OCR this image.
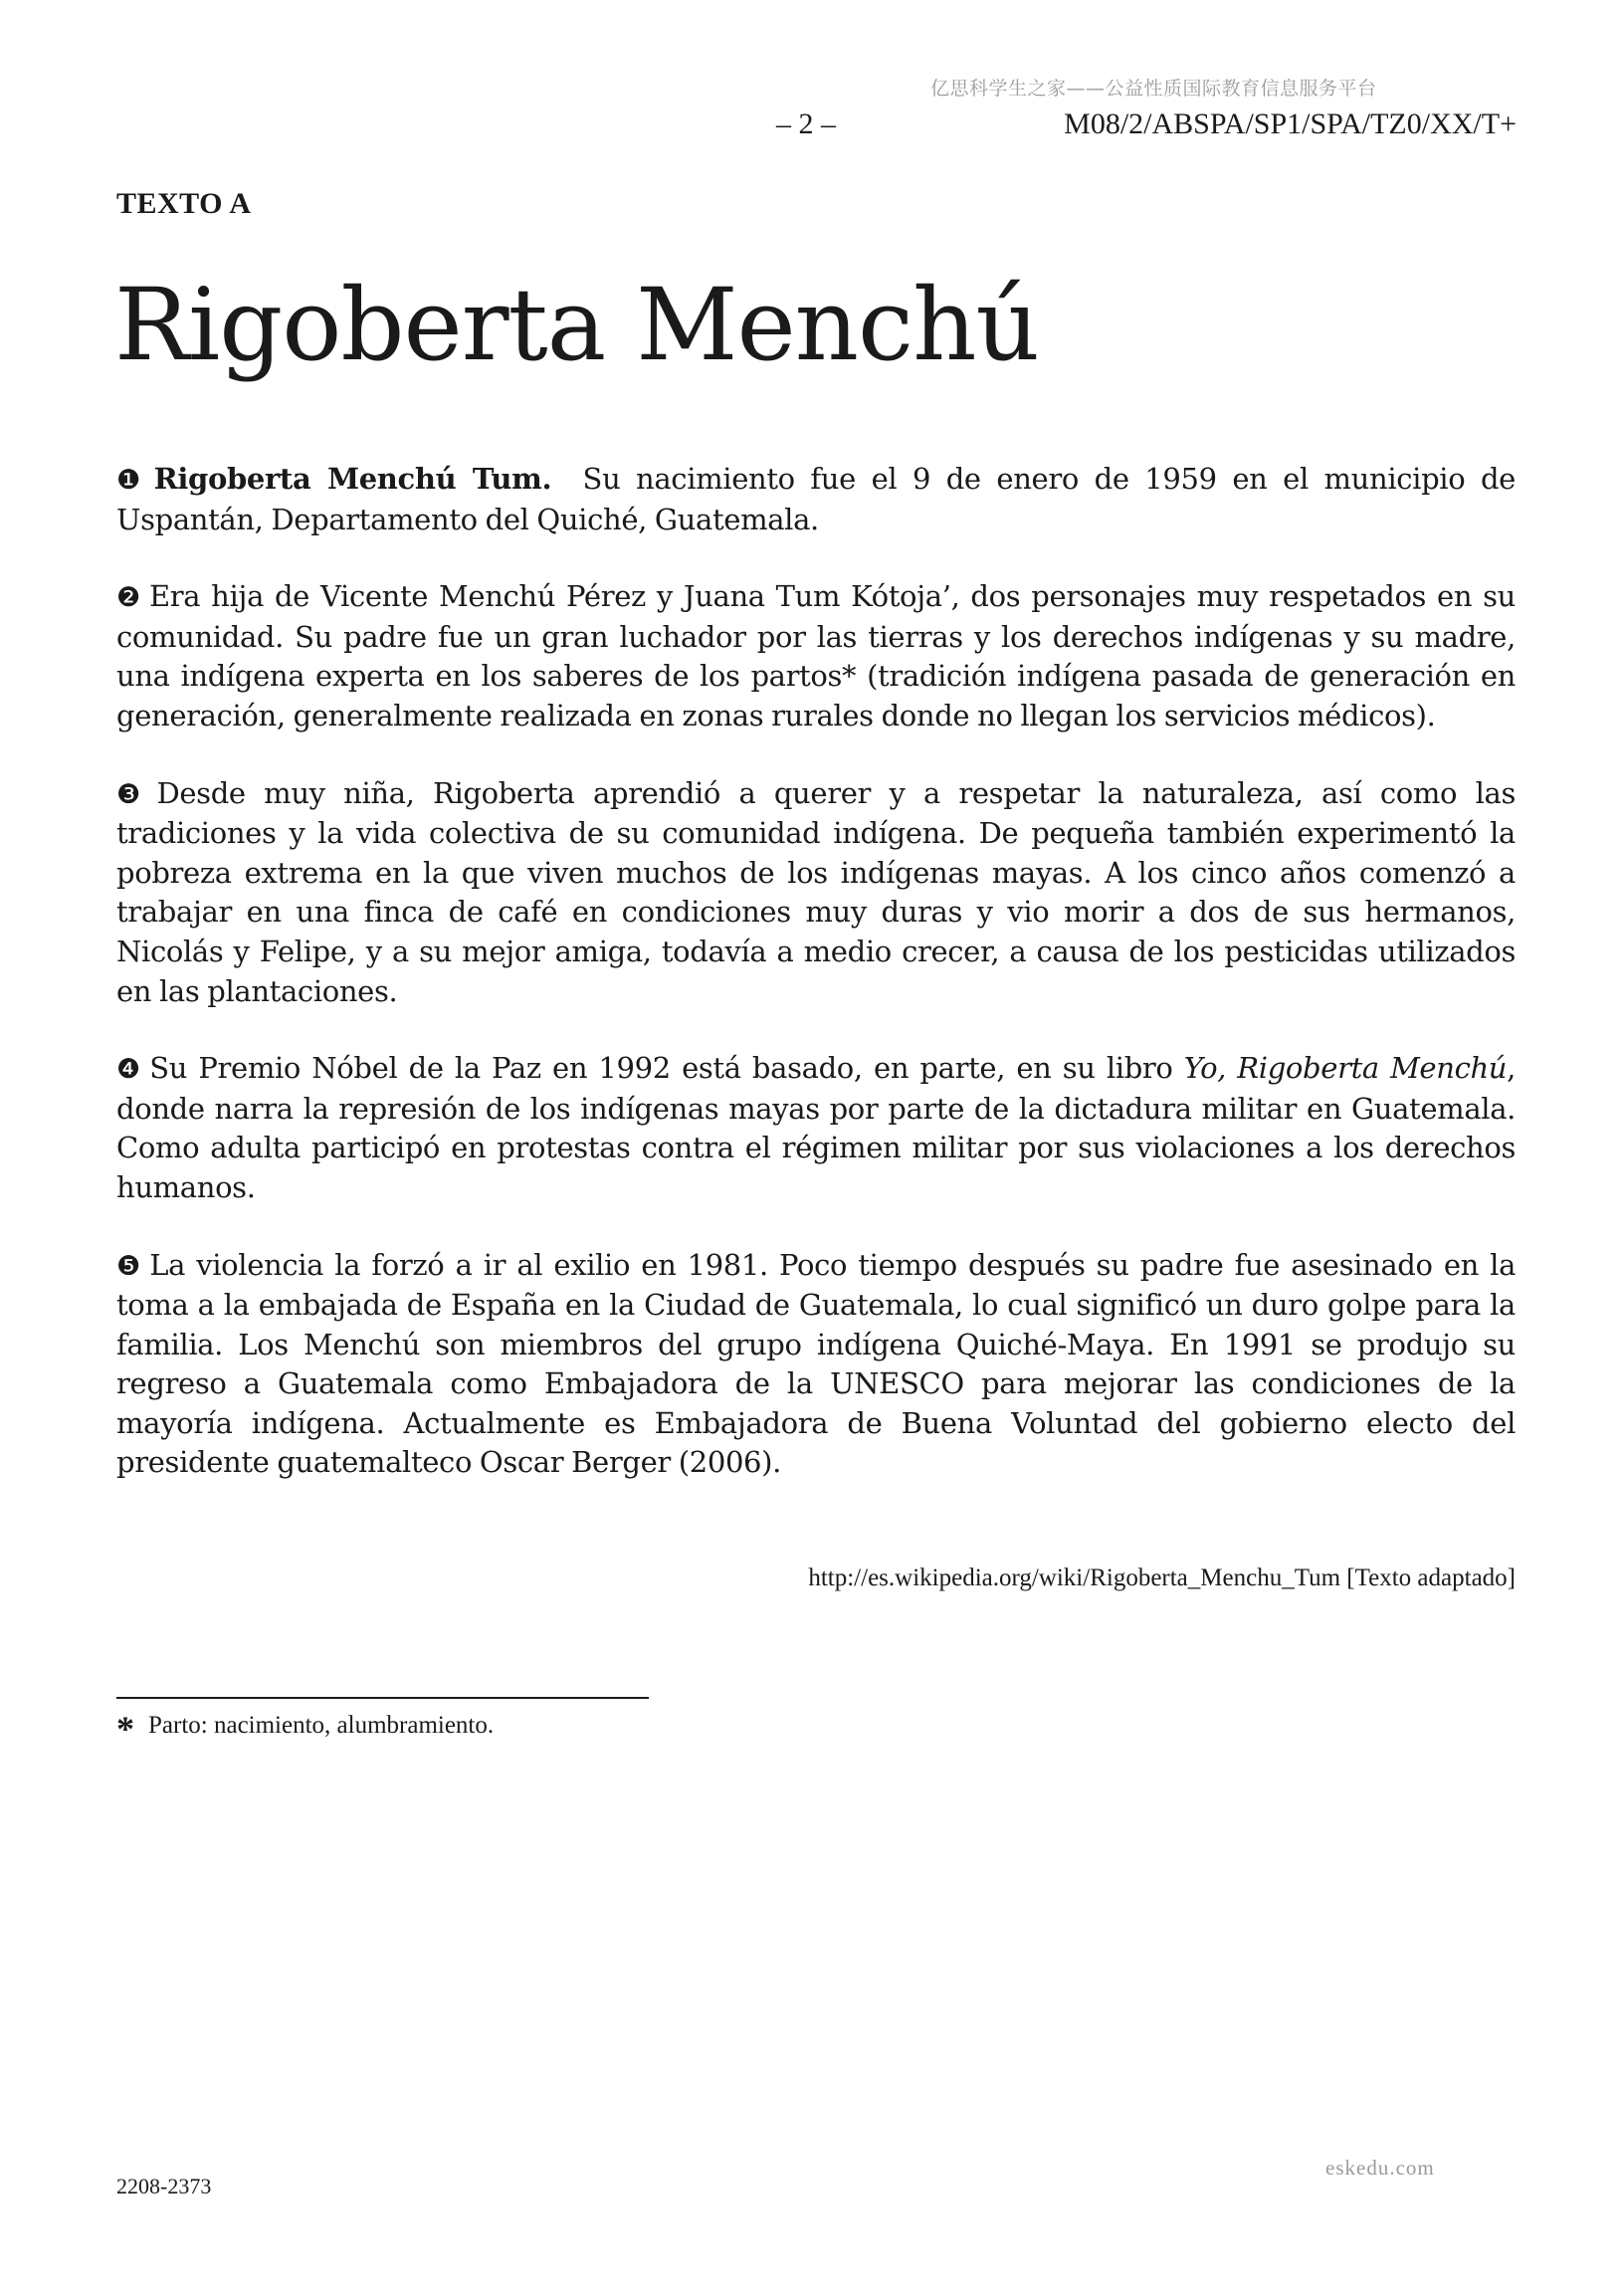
亿思科学生之家——公益性质国际教育信息服务平台
– 2 –	M08/2/ABSPA/SP1/SPA/TZ0/XX/T+
TEXTO A
Rigoberta Menchú

❶ Rigoberta Menchú Tum. Su nacimiento fue el 9 de enero de 1959 en el municipio de Uspantán, Departamento del Quiché, Guatemala.

❷ Era hija de Vicente Menchú Pérez y Juana Tum Kótoja’, dos personajes muy respetados en su comunidad. Su padre fue un gran luchador por las tierras y los derechos indígenas y su madre, una indígena experta en los saberes de los partos* (tradición indígena pasada de generación en generación, generalmente realizada en zonas rurales donde no llegan los servicios médicos).

❸ Desde muy niña, Rigoberta aprendió a querer y a respetar la naturaleza, así como las tradiciones y la vida colectiva de su comunidad indígena. De pequeña también experimentó la pobreza extrema en la que viven muchos de los indígenas mayas. A los cinco años comenzó a trabajar en una finca de café en condiciones muy duras y vio morir a dos de sus hermanos, Nicolás y Felipe, y a su mejor amiga, todavía a medio crecer, a causa de los pesticidas utilizados en las plantaciones.

❹ Su Premio Nóbel de la Paz en 1992 está basado, en parte, en su libro Yo, Rigoberta Menchú, donde narra la represión de los indígenas mayas por parte de la dictadura militar en Guatemala. Como adulta participó en protestas contra el régimen militar por sus violaciones a los derechos humanos.

❺ La violencia la forzó a ir al exilio en 1981. Poco tiempo después su padre fue asesinado en la toma a la embajada de España en la Ciudad de Guatemala, lo cual significó un duro golpe para la familia. Los Menchú son miembros del grupo indígena Quiché-Maya. En 1991 se produjo su regreso a Guatemala como Embajadora de la UNESCO para mejorar las condiciones de la mayoría indígena. Actualmente es Embajadora de Buena Voluntad del gobierno electo del presidente guatemalteco Oscar Berger (2006).

http://es.wikipedia.org/wiki/Rigoberta_Menchu_Tum [Texto adaptado]
* Parto: nacimiento, alumbramiento.
2208-2373
eskedu.com
